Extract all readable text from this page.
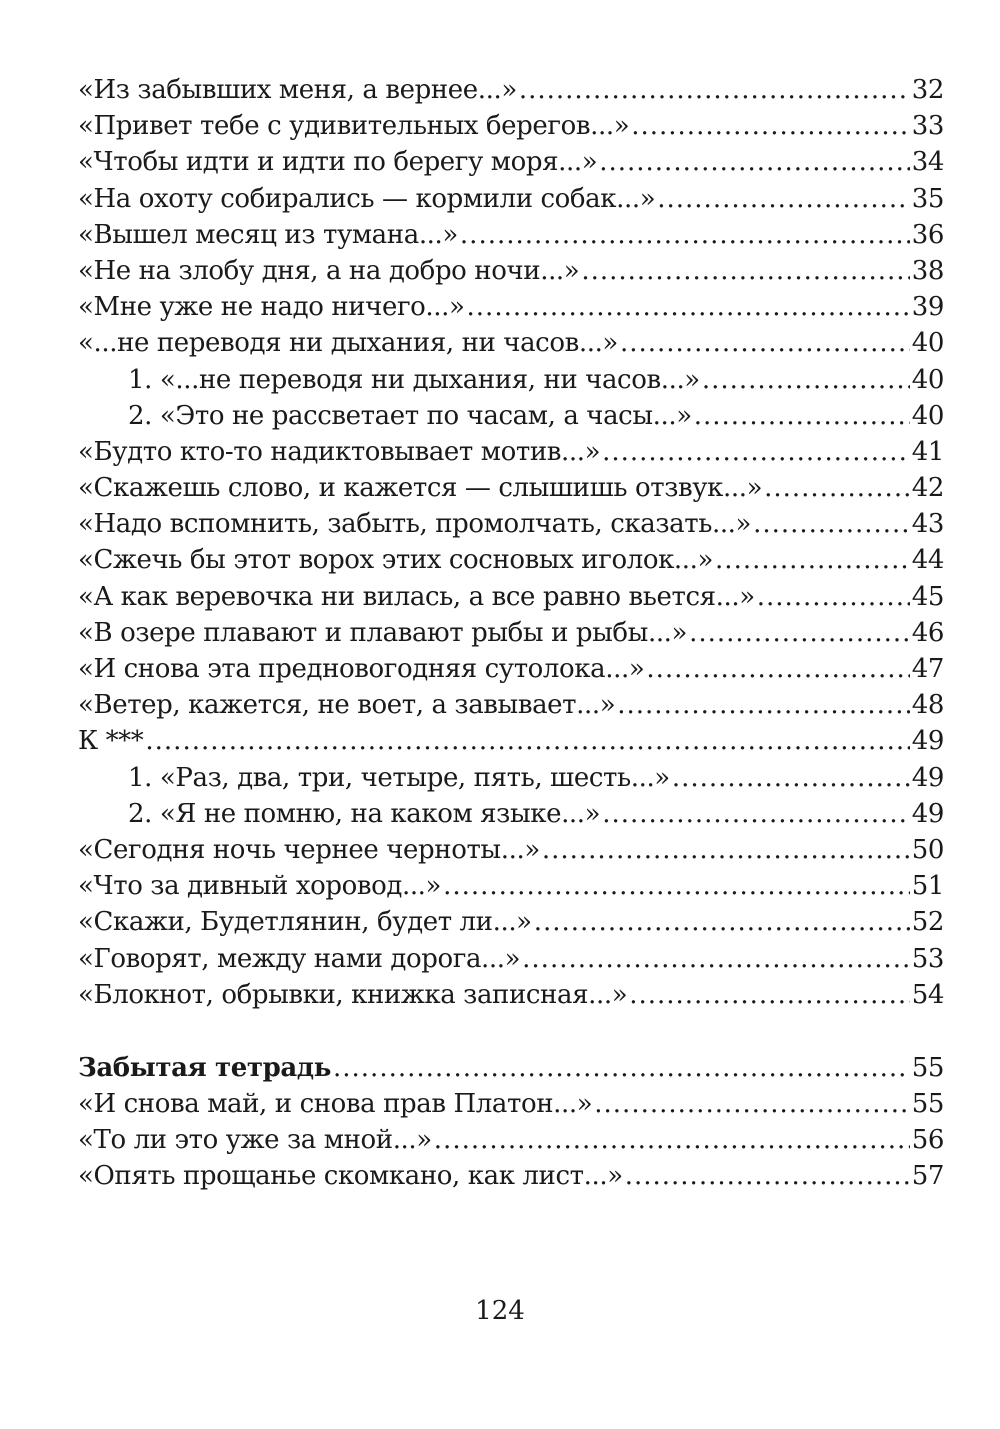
«Из забывших меня, а вернее...» .....	32
«Привет тебе с удивительных берегов...» .....	33
«Чтобы идти и идти по берегу моря...» .....	34
«На охоту собирались — кормили собак...» .....	35
«Вышел месяц из тумана...» .....	36
«Не на злобу дня, а на добро ночи...» .....	38
«Мне уже не надо ничего...» .....	39
«...не переводя ни дыхания, ни часов...» .....	40
1. «...не переводя ни дыхания, ни часов...» .....	40
2. «Это не рассветает по часам, а часы...» .....	40
«Будто кто-то надиктовывает мотив...» .....	41
«Скажешь слово, и кажется — слышишь отзвук...» .....	42
«Надо вспомнить, забыть, промолчать, сказать...» .....	43
«Сжечь бы этот ворох этих сосновых иголок...» .....	44
«А как веревочка ни вилась, а все равно вьется...» .....	45
«В озере плавают и плавают рыбы и рыбы...» .....	46
«И снова эта предновогодняя сутолока...» .....	47
«Ветер, кажется, не воет, а завывает...» .....	48
К *** .....	49
1. «Раз, два, три, четыре, пять, шесть...» .....	49
2. «Я не помню, на каком языке...» .....	49
«Сегодня ночь чернее черноты...» .....	50
«Что за дивный хоровод...» .....	51
«Скажи, Будетлянин, будет ли...» .....	52
«Говорят, между нами дорога...» .....	53
«Блокнот, обрывки, книжка записная...» .....	54
Забытая тетрадь .....	55
«И снова май, и снова прав Платон...» .....	55
«То ли это уже за мной...» .....	56
«Опять прощанье скомкано, как лист...» .....	57
124
